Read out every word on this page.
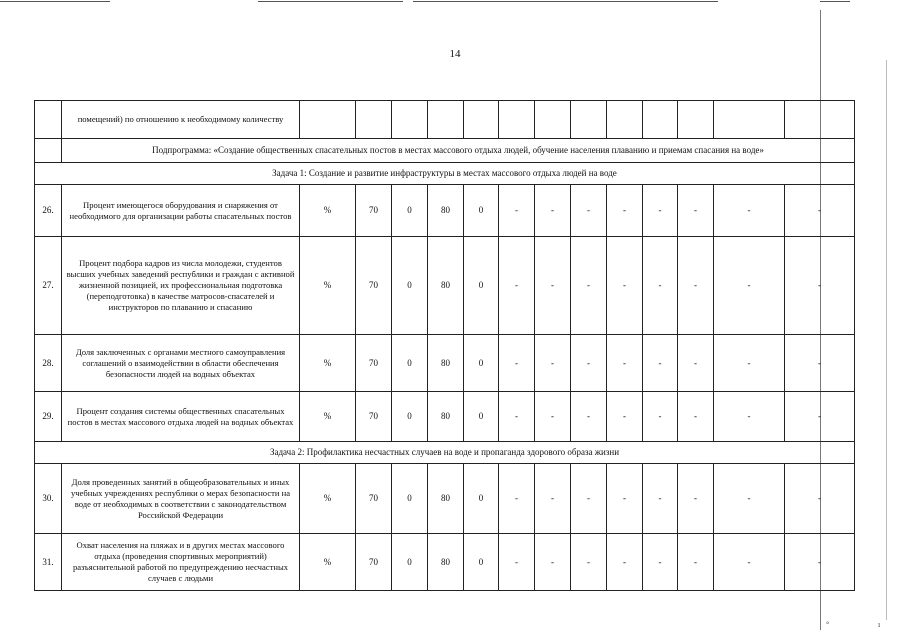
°	ı
14
	помещений) по отношению к необходимому количеству													
	Подпрограмма: «Создание общественных спасательных постов в местах массового отдыха людей, обучение населения плаванию и приемам спасания на воде»													
Задача 1: Создание и развитие инфраструктуры в местах массового отдыха людей на воде														
26.	Процент имеющегося оборудования и снаряжения от необходимого для организации работы спасательных постов	%	70	0	80	0	-	-	-	-	-	-	-	-
27.	Процент подбора кадров из числа молодежи, студентов высших учебных заведений республики и граждан с активной жизненной позицией, их профессиональная подготовка (переподготовка) в качестве матросов-спасателей и инструкторов по плаванию и спасанию	%	70	0	80	0	-	-	-	-	-	-	-	-
28.	Доля заключенных с органами местного самоуправления соглашений о взаимодействии в области обеспечения безопасности людей на водных объектах	%	70	0	80	0	-	-	-	-	-	-	-	-
29.	Процент создания системы общественных спасательных постов в местах массового отдыха людей на водных объектах	%	70	0	80	0	-	-	-	-	-	-	-	-
Задача 2: Профилактика несчастных случаев на воде и пропаганда здорового образа жизни														
30.	Доля проведенных занятий в общеобразовательных и иных учебных учреждениях республики о мерах безопасности на воде от необходимых в соответствии с законодательством Российской Федерации	%	70	0	80	0	-	-	-	-	-	-	-	-
31.	Охват населения на пляжах и в других местах массового отдыха (проведения спортивных мероприятий) разъяснительной работой по предупреждению несчастных случаев с людьми	%	70	0	80	0	-	-	-	-	-	-	-	-
